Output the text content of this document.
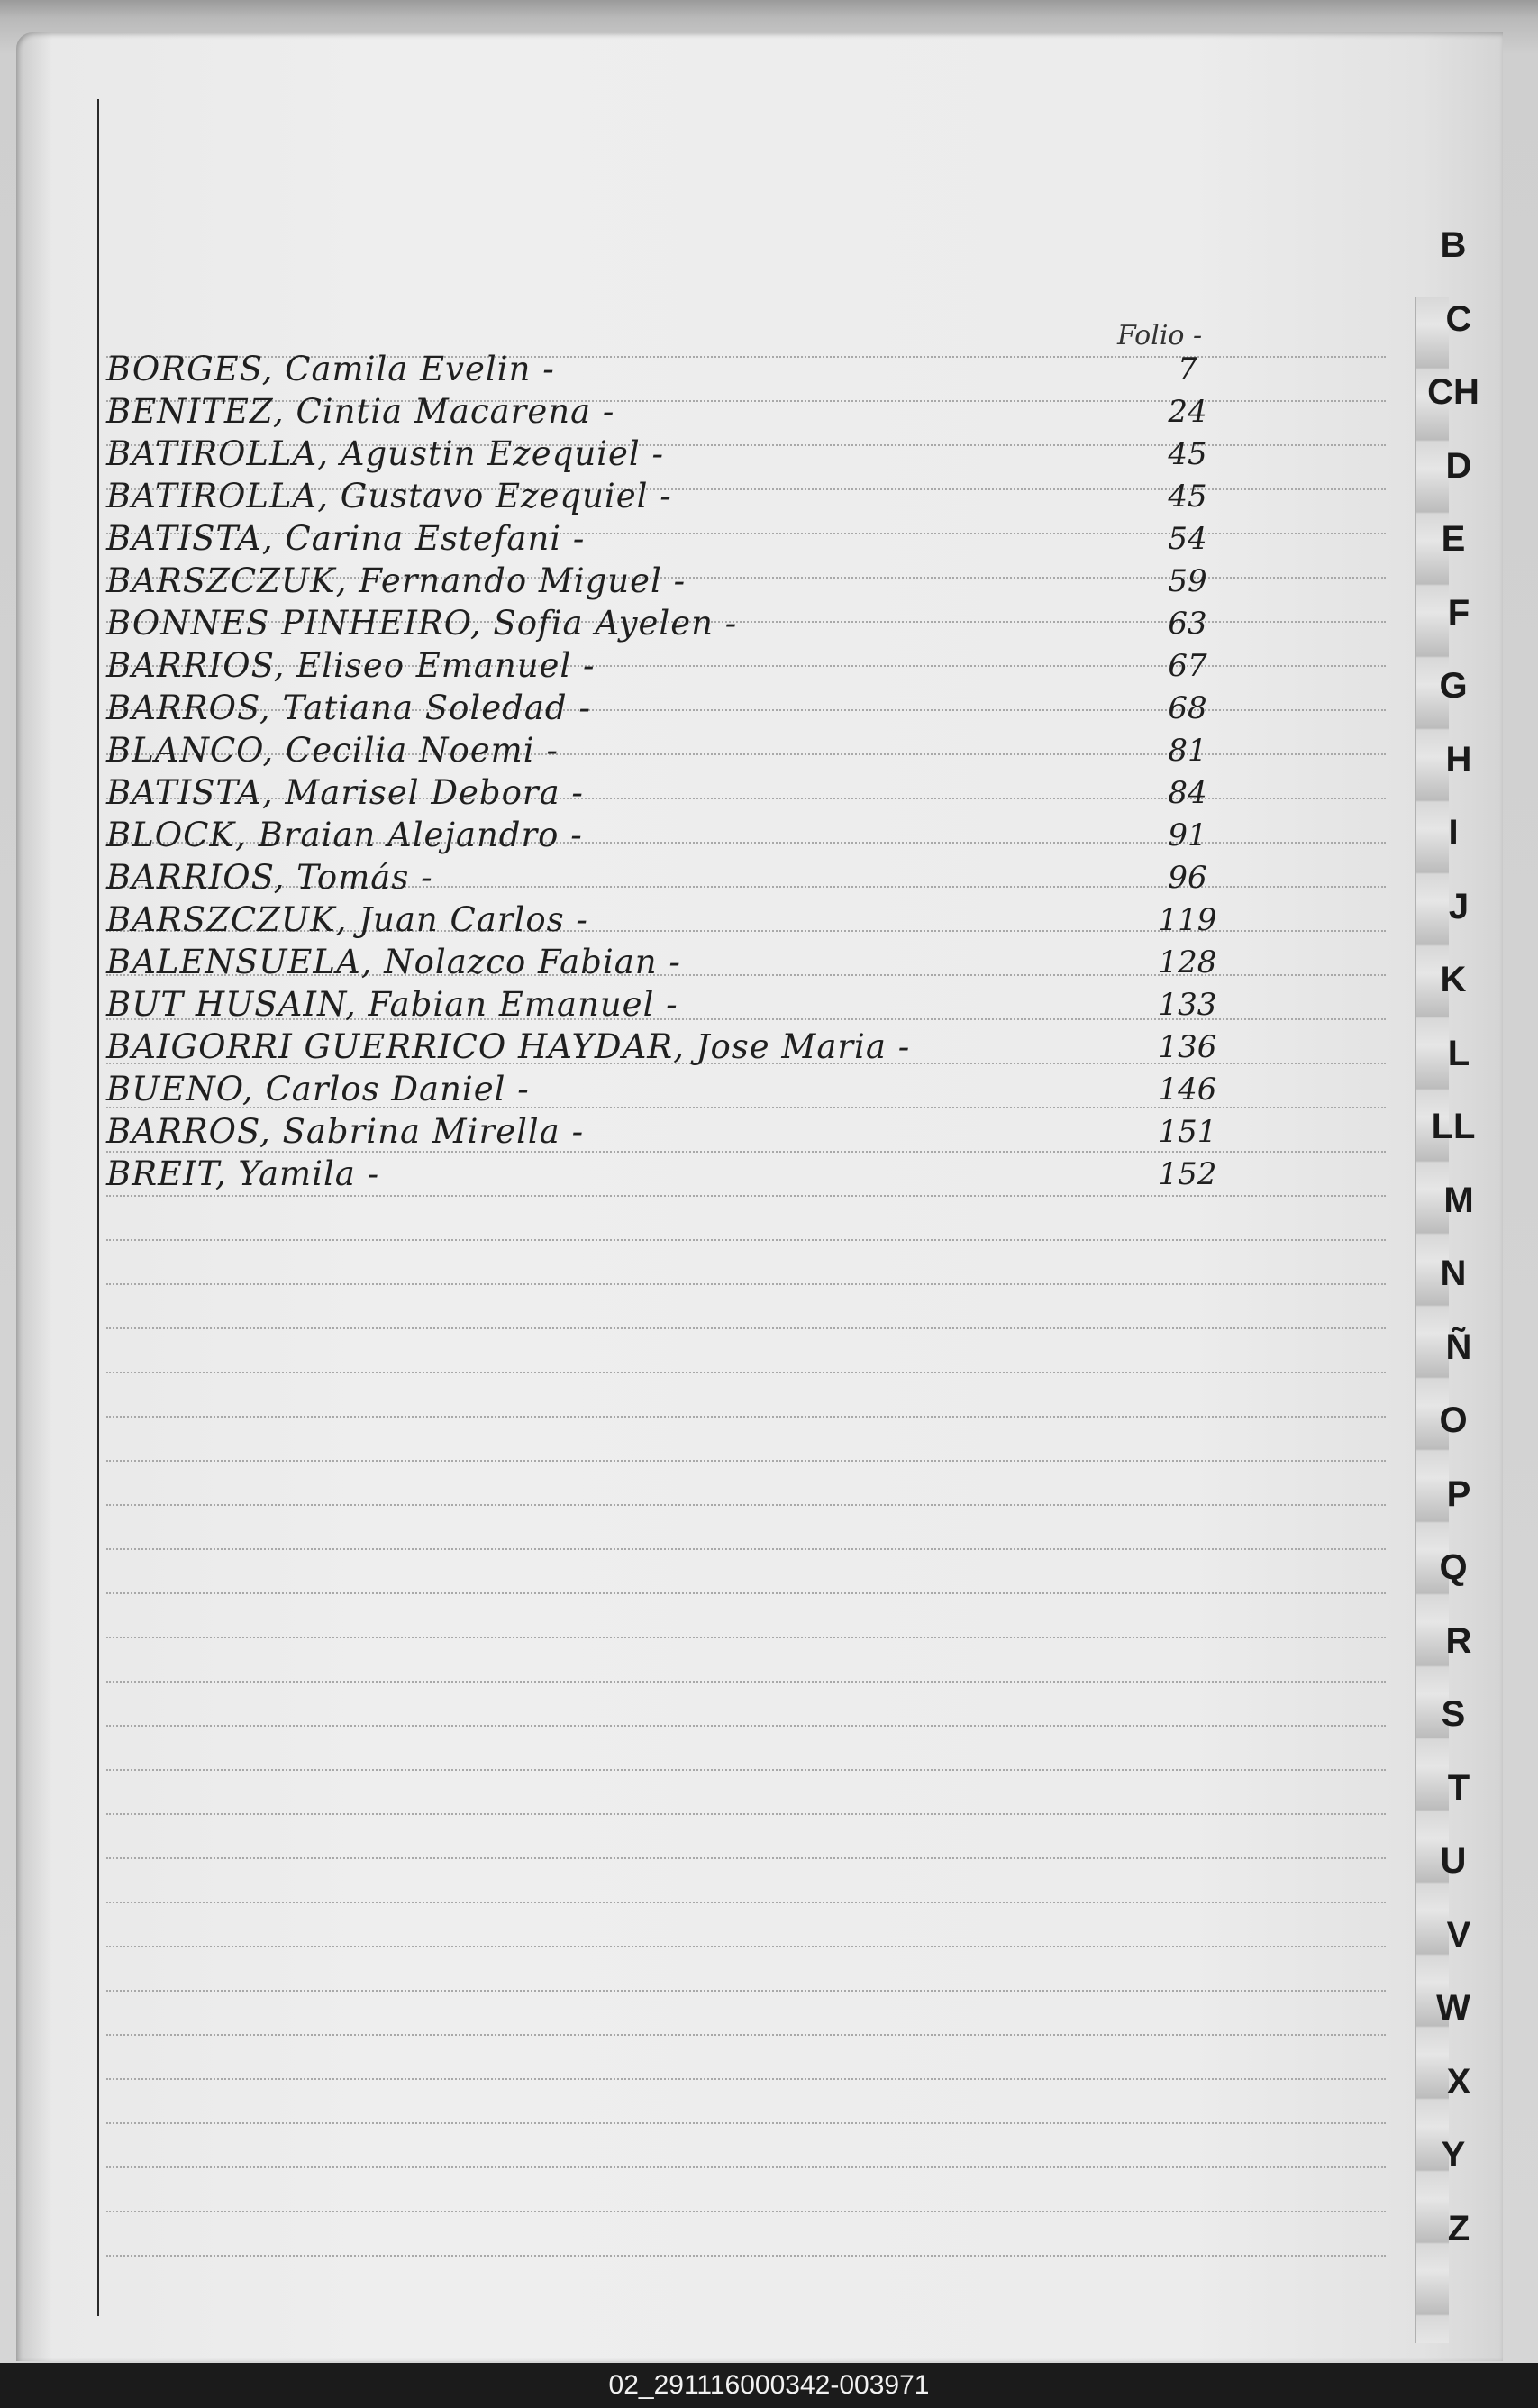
Folio -
BORGES, Camila Evelin -	7
BENITEZ, Cintia Macarena -	24
BATIROLLA, Agustin Ezequiel -	45
BATIROLLA, Gustavo Ezequiel -	45
BATISTA, Carina Estefani -	54
BARSZCZUK, Fernando Miguel -	59
BONNES PINHEIRO, Sofia Ayelen -	63
BARRIOS, Eliseo Emanuel -	67
BARROS, Tatiana Soledad -	68
BLANCO, Cecilia Noemi -	81
BATISTA, Marisel Debora -	84
BLOCK, Braian Alejandro -	91
BARRIOS, Tomás -	96
BARSZCZUK, Juan Carlos -	119
BALENSUELA, Nolazco Fabian -	128
BUT HUSAIN, Fabian Emanuel -	133
BAIGORRI GUERRICO HAYDAR, Jose Maria -	136
BUENO, Carlos Daniel -	146
BARROS, Sabrina Mirella -	151
BREIT, Yamila -	152
B
C
CH
D
E
F
G
H
I
J
K
L
LL
M
N
Ñ
O
P
Q
R
S
T
U
V
W
X
Y
Z
02_291116000342-003971
